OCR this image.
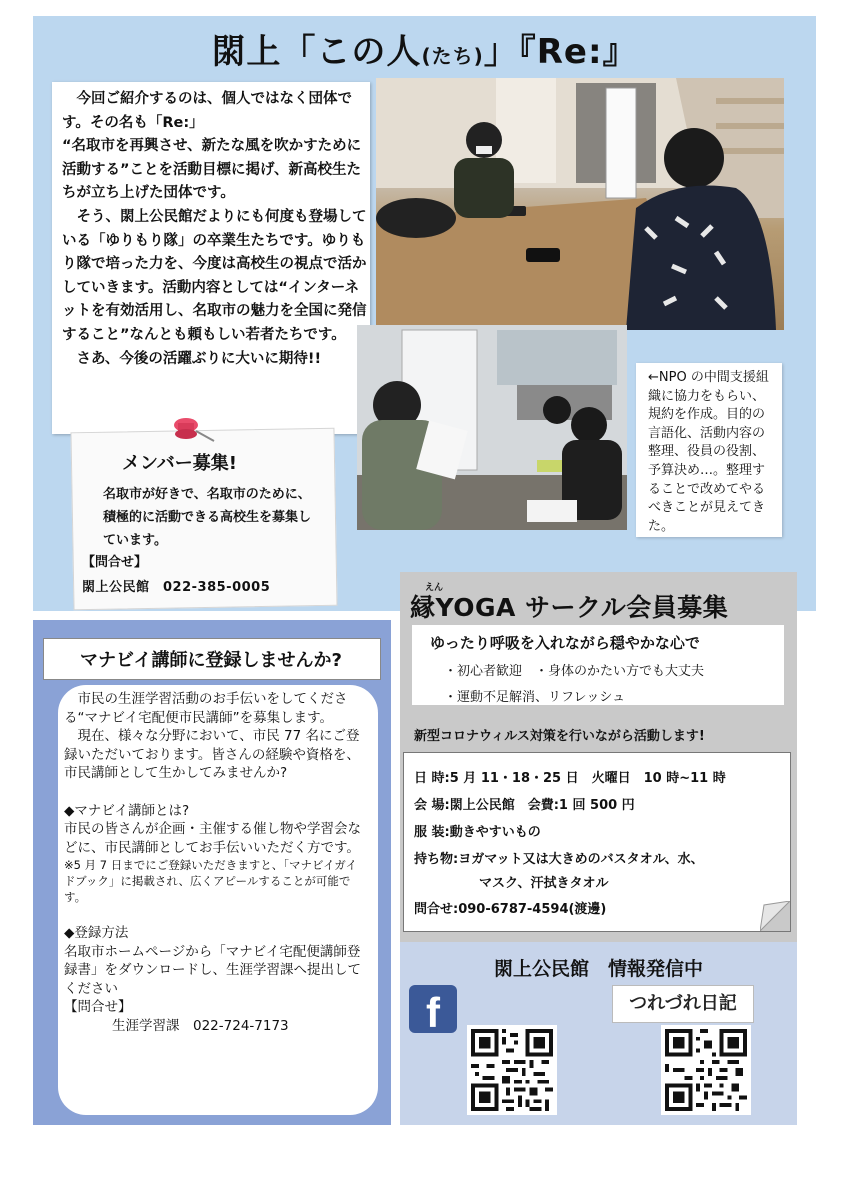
閖上「この人(たち)」『Re:』

　今回ご紹介するのは、個人ではなく団体です。その名も「Re:」

“名取市を再興させ、新たな風を吹かすために活動する”ことを活動目標に掲げ、新高校生たちが立ち上げた団体です。

　そう、閖上公民館だよりにも何度も登場している「ゆりもり隊」の卒業生たちです。ゆりもり隊で培った力を、今度は高校生の視点で活かしていきます。活動内容としては“インターネットを有効活用し、名取市の魅力を全国に発信すること”なんとも頼もしい若者たちです。

　さあ、今後の活躍ぶりに大いに期待!!

←NPO の中間支援組織に協力をもらい、規約を作成。目的の言語化、活動内容の整理、役員の役割、予算決め…。整理することで改めてやるべきことが見えてきた。
メンバー募集!
名取市が好きで、名取市のために、積極的に活動できる高校生を募集しています。
【問合せ】
閖上公民館　022-385-0005
マナビイ講師に登録しませんか?

　市民の生涯学習活動のお手伝いをしてくださる“マナビイ宅配便市民講師”を募集します。

　現在、様々な分野において、市民 77 名にご登録いただいております。皆さんの経験や資格を、市民講師として生かしてみませんか?

◆マナビイ講師とは?

市民の皆さんが企画・主催する催し物や学習会などに、市民講師としてお手伝いいただく方です。

※5 月 7 日までにご登録いただきますと、「マナビイガイドブック」に掲載され、広くアピールすることが可能です。

◆登録方法

名取市ホームページから「マナビイ宅配便講師登録書」をダウンロードし、生涯学習課へ提出してください

【問合せ】

生涯学習課　022-724-7173

えん
縁YOGA サークル会員募集
ゆったり呼吸を入れながら穏やかな心で
・初心者歓迎　・身体のかたい方でも大丈夫
・運動不足解消、リフレッシュ
新型コロナウィルス対策を行いながら活動します!
日 時:5 月 11・18・25 日　火曜日　10 時~11 時
会 場:閖上公民館　会費:1 回 500 円
服 装:動きやすいもの
持ち物:ヨガマット又は大きめのバスタオル、水、
マスク、汗拭きタオル
問合せ:090-6787-4594(渡邊)
閖上公民館　情報発信中
f	つれづれ日記
